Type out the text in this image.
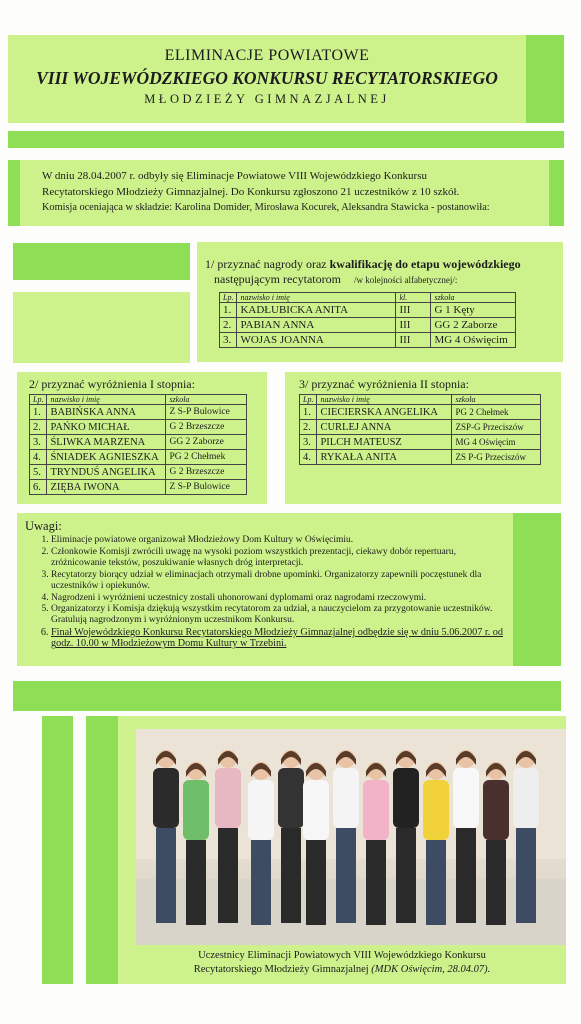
ELIMINACJE POWIATOWE
VIII WOJEWÓDZKIEGO KONKURSU RECYTATORSKIEGO
MŁODZIEŻY GIMNAZJALNEJ

W dniu 28.04.2007 r. odbyły się Eliminacje Powiatowe VIII Wojewódzkiego Konkursu

Recytatorskiego Młodzieży Gimnazjalnej. Do Konkursu zgłoszono 21 uczestników z 10 szkół.

Komisja oceniająca w składzie: Karolina Domider, Mirosława Kocurek, Aleksandra Stawicka - postanowiła:

1/ przyznać nagrody oraz kwalifikację do etapu wojewódzkiego
następującym recytatorom /w kolejności alfabetycznej/:
Lp.	nazwisko i imię	kl.	szkoła
1.	KADŁUBICKA ANITA	III	G 1 Kęty
2.	PABIAN ANNA	III	GG 2 Zaborze
3.	WOJAS JOANNA	III	MG 4 Oświęcim
2/ przyznać wyróżnienia I stopnia:
Lp.	nazwisko i imię	szkoła
1.	BABIŃSKA ANNA	Z S-P Bulowice
2.	PAŃKO MICHAŁ	G 2 Brzeszcze
3.	ŚLIWKA MARZENA	GG 2 Zaborze
4.	ŚNIADEK AGNIESZKA	PG 2 Chełmek
5.	TRYNDUŚ ANGELIKA	G 2 Brzeszcze
6.	ZIĘBA IWONA	Z S-P Bulowice
3/ przyznać wyróżnienia II stopnia:
Lp.	nazwisko i imię	szkoła
1.	CIECIERSKA ANGELIKA	PG 2 Chełmek
2.	CURLEJ ANNA	ZSP-G Przeciszów
3.	PILCH MATEUSZ	MG 4 Oświęcim
4.	RYKAŁA ANITA	ZS P-G Przeciszów
Uwagi:
1. Eliminacje powiatowe organizował Młodzieżowy Dom Kultury w Oświęcimiu.
2. Członkowie Komisji zwrócili uwagę na wysoki poziom wszystkich prezentacji, ciekawy dobór repertuaru, zróżnicowanie tekstów, poszukiwanie własnych dróg interpretacji.
3. Recytatorzy biorący udział w eliminacjach otrzymali drobne upominki. Organizatorzy zapewnili poczęstunek dla uczestników i opiekunów.
4. Nagrodzeni i wyróżnieni uczestnicy zostali uhonorowani dyplomami oraz nagrodami rzeczowymi.
5. Organizatorzy i Komisja dziękują wszystkim recytatorom za udział, a nauczycielom za przygotowanie uczestników. Gratulują nagrodzonym i wyróżnionym uczestnikom Konkursu.
6. Finał Wojewódzkiego Konkursu Recytatorskiego Młodzieży Gimnazjalnej odbędzie się w dniu 5.06.2007 r. od godz. 10.00 w Młodzieżowym Domu Kultury w Trzebini.
Uczestnicy Eliminacji Powiatowych VIII Wojewódzkiego Konkursu
Recytatorskiego Młodzieży Gimnazjalnej (MDK Oświęcim, 28.04.07).
